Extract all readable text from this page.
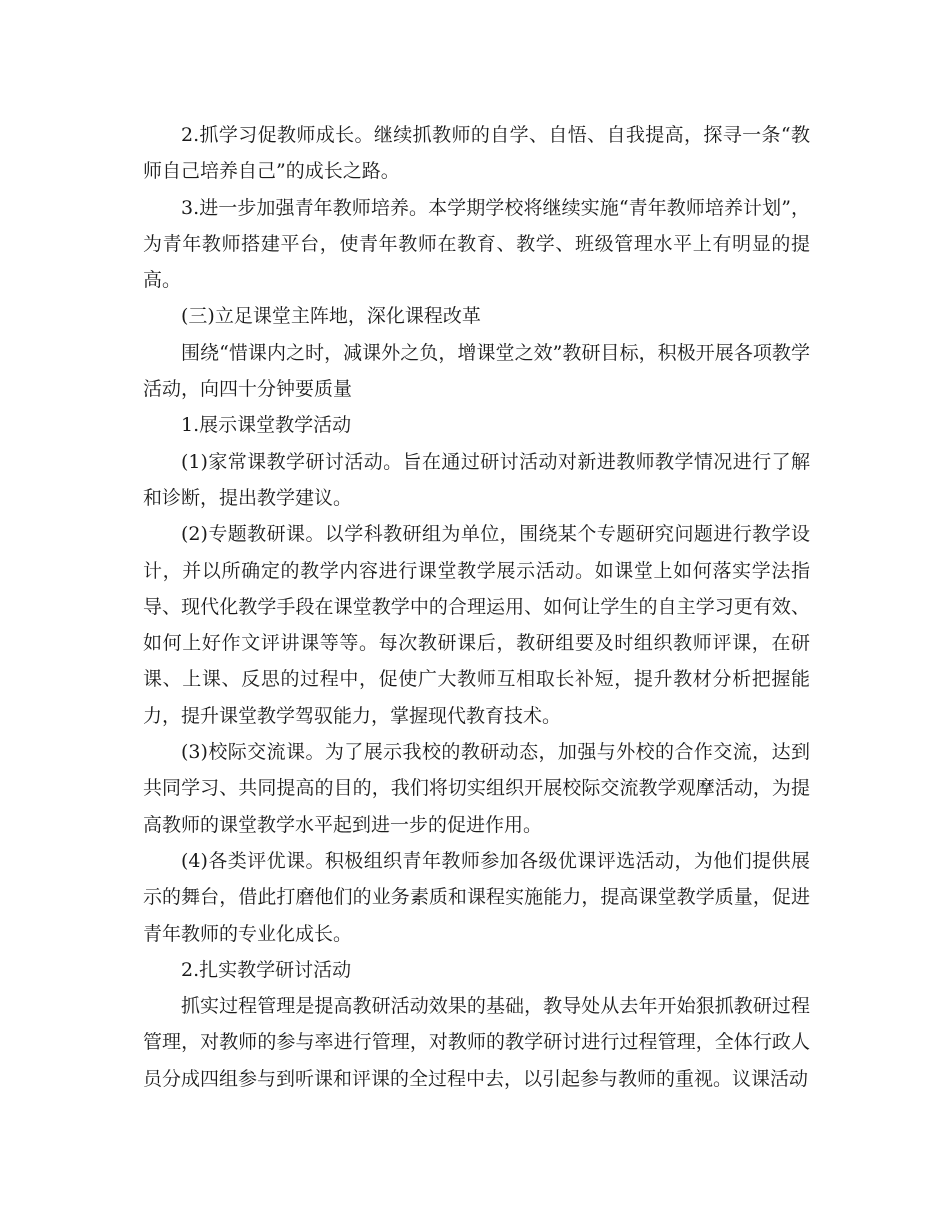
2.抓学习促教师成长。继续抓教师的自学、自悟、自我提高，探寻一条“教师自己培养自己”的成长之路。

3.进一步加强青年教师培养。本学期学校将继续实施“青年教师培养计划”，为青年教师搭建平台，使青年教师在教育、教学、班级管理水平上有明显的提高。

(三)立足课堂主阵地，深化课程改革

围绕“惜课内之时，减课外之负，增课堂之效”教研目标，积极开展各项教学活动，向四十分钟要质量

1.展示课堂教学活动

(1)家常课教学研讨活动。旨在通过研讨活动对新进教师教学情况进行了解和诊断，提出教学建议。

(2)专题教研课。以学科教研组为单位，围绕某个专题研究问题进行教学设计，并以所确定的教学内容进行课堂教学展示活动。如课堂上如何落实学法指导、现代化教学手段在课堂教学中的合理运用、如何让学生的自主学习更有效、如何上好作文评讲课等等。每次教研课后，教研组要及时组织教师评课，在研课、上课、反思的过程中，促使广大教师互相取长补短，提升教材分析把握能力，提升课堂教学驾驭能力，掌握现代教育技术。

(3)校际交流课。为了展示我校的教研动态，加强与外校的合作交流，达到共同学习、共同提高的目的，我们将切实组织开展校际交流教学观摩活动，为提高教师的课堂教学水平起到进一步的促进作用。

(4)各类评优课。积极组织青年教师参加各级优课评选活动，为他们提供展示的舞台，借此打磨他们的业务素质和课程实施能力，提高课堂教学质量，促进青年教师的专业化成长。

2.扎实教学研讨活动

抓实过程管理是提高教研活动效果的基础，教导处从去年开始狠抓教研过程管理，对教师的参与率进行管理，对教师的教学研讨进行过程管理，全体行政人员分成四组参与到听课和评课的全过程中去，以引起参与教师的重视。议课活动
